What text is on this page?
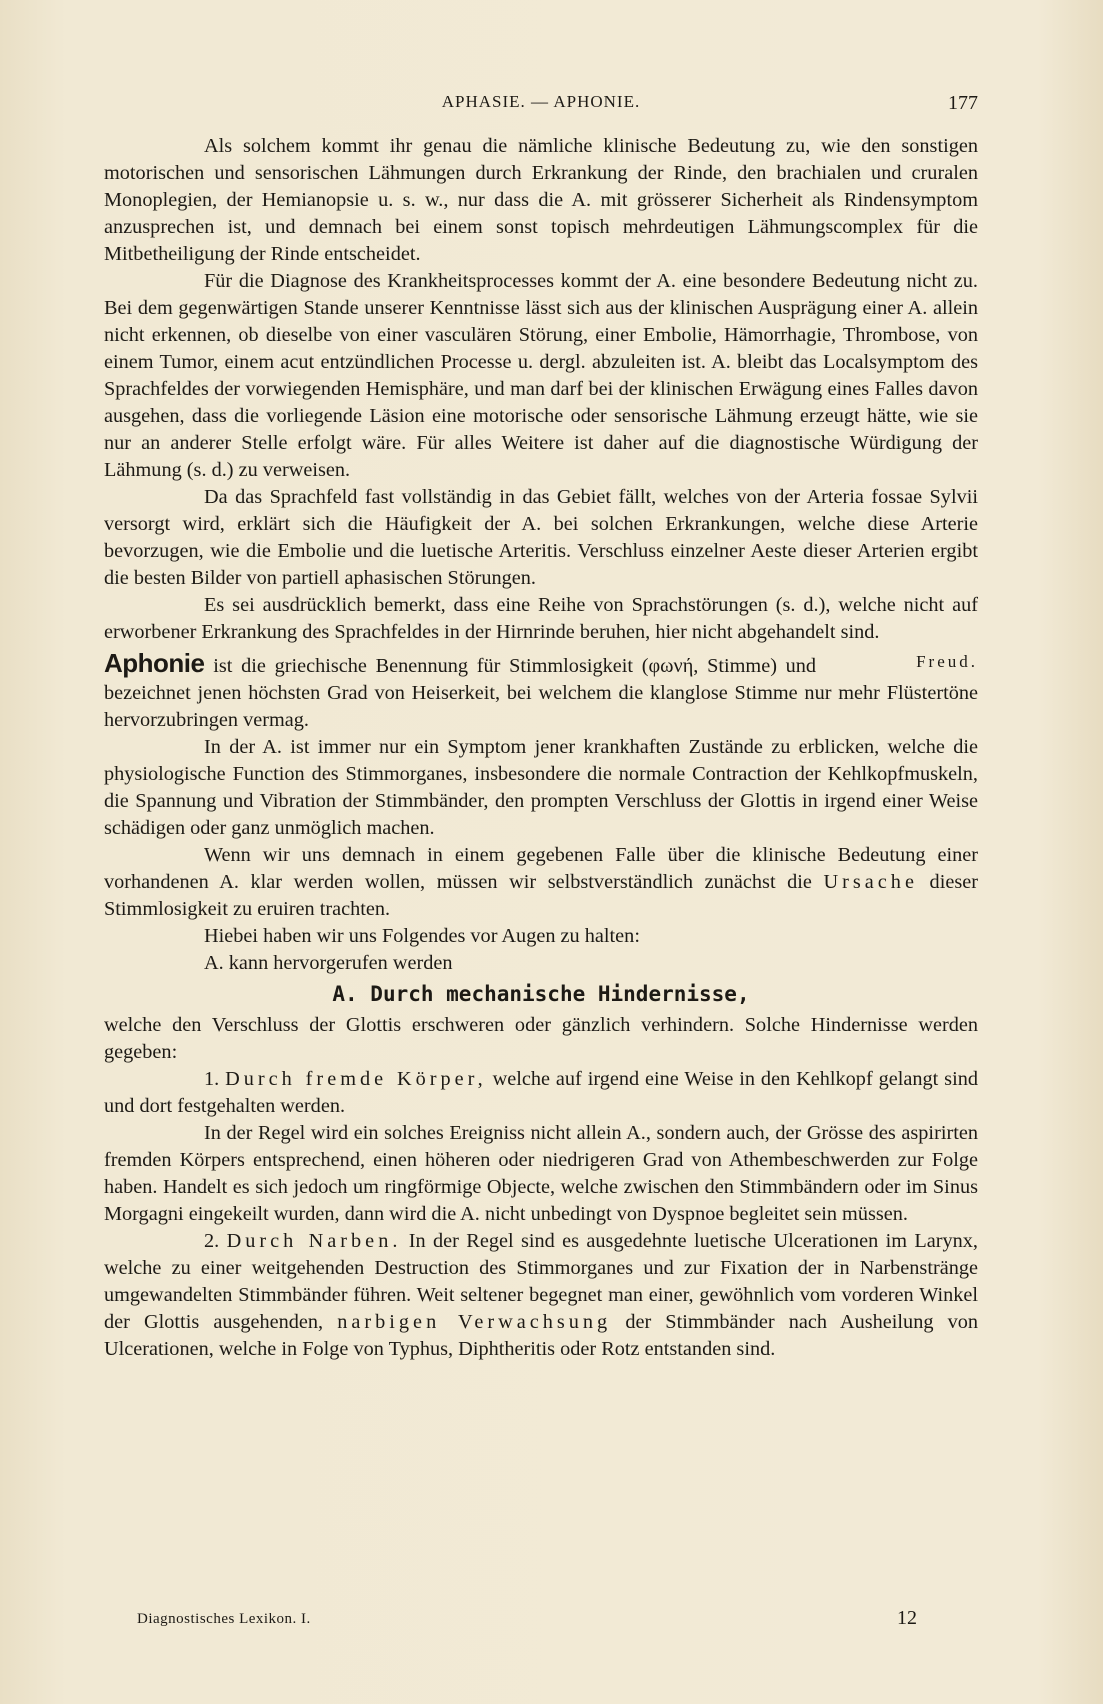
APHASIE. — APHONIE.	177

Als solchem kommt ihr genau die nämliche klinische Bedeutung zu, wie den sonstigen motorischen und sensorischen Lähmungen durch Erkrankung der Rinde, den brachialen und cruralen Monoplegien, der Hemianopsie u. s. w., nur dass die A. mit grösserer Sicherheit als Rindensymptom anzusprechen ist, und demnach bei einem sonst topisch mehrdeutigen Lähmungscomplex für die Mitbetheiligung der Rinde entscheidet.

Für die Diagnose des Krankheitsprocesses kommt der A. eine besondere Bedeutung nicht zu. Bei dem gegenwärtigen Stande unserer Kenntnisse lässt sich aus der klinischen Ausprägung einer A. allein nicht erkennen, ob dieselbe von einer vasculären Störung, einer Embolie, Hämorrhagie, Thrombose, von einem Tumor, einem acut entzündlichen Processe u. dergl. abzuleiten ist. A. bleibt das Localsymptom des Sprachfeldes der vorwiegenden Hemisphäre, und man darf bei der klinischen Erwägung eines Falles davon ausgehen, dass die vorliegende Läsion eine motorische oder sensorische Lähmung erzeugt hätte, wie sie nur an anderer Stelle erfolgt wäre. Für alles Weitere ist daher auf die diagnostische Würdigung der Lähmung (s. d.) zu verweisen.

Da das Sprachfeld fast vollständig in das Gebiet fällt, welches von der Arteria fossae Sylvii versorgt wird, erklärt sich die Häufigkeit der A. bei solchen Erkrankungen, welche diese Arterie bevorzugen, wie die Embolie und die luetische Arteritis. Verschluss einzelner Aeste dieser Arterien ergibt die besten Bilder von partiell aphasischen Störungen.

Es sei ausdrücklich bemerkt, dass eine Reihe von Sprachstörungen (s. d.), welche nicht auf erworbener Erkrankung des Sprachfeldes in der Hirnrinde beruhen, hier nicht abgehandelt sind.
Freud.

Aphonie ist die griechische Benennung für Stimmlosigkeit (φωνή, Stimme) und bezeichnet jenen höchsten Grad von Heiserkeit, bei welchem die klanglose Stimme nur mehr Flüstertöne hervorzubringen vermag.

In der A. ist immer nur ein Symptom jener krankhaften Zustände zu erblicken, welche die physiologische Function des Stimmorganes, insbesondere die normale Contraction der Kehlkopfmuskeln, die Spannung und Vibration der Stimmbänder, den prompten Verschluss der Glottis in irgend einer Weise schädigen oder ganz unmöglich machen.

Wenn wir uns demnach in einem gegebenen Falle über die klinische Bedeutung einer vorhandenen A. klar werden wollen, müssen wir selbstverständlich zunächst die Ursache dieser Stimmlosigkeit zu eruiren trachten.

Hiebei haben wir uns Folgendes vor Augen zu halten:

A. kann hervorgerufen werden

A. Durch mechanische Hindernisse,

welche den Verschluss der Glottis erschweren oder gänzlich verhindern. Solche Hindernisse werden gegeben:

1. Durch fremde Körper, welche auf irgend eine Weise in den Kehlkopf gelangt sind und dort festgehalten werden.

In der Regel wird ein solches Ereigniss nicht allein A., sondern auch, der Grösse des aspirirten fremden Körpers entsprechend, einen höheren oder niedrigeren Grad von Athembeschwerden zur Folge haben. Handelt es sich jedoch um ringförmige Objecte, welche zwischen den Stimmbändern oder im Sinus Morgagni eingekeilt wurden, dann wird die A. nicht unbedingt von Dyspnoe begleitet sein müssen.

2. Durch Narben. In der Regel sind es ausgedehnte luetische Ulcerationen im Larynx, welche zu einer weitgehenden Destruction des Stimmorganes und zur Fixation der in Narbenstränge umgewandelten Stimmbänder führen. Weit seltener begegnet man einer, gewöhnlich vom vorderen Winkel der Glottis ausgehenden, narbigen Verwachsung der Stimmbänder nach Ausheilung von Ulcerationen, welche in Folge von Typhus, Diphtheritis oder Rotz entstanden sind.

Diagnostisches Lexikon. I.	12
